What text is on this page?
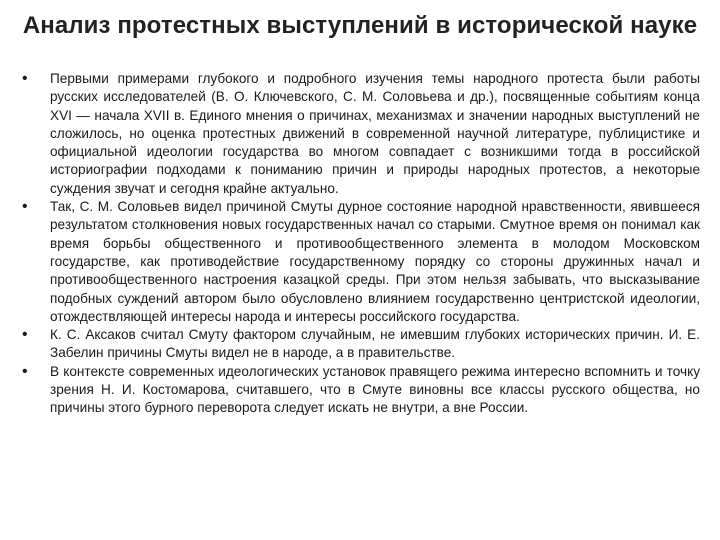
Анализ протестных выступлений в исторической науке
• Первыми примерами глубокого и подробного изучения темы народного протеста были работы русских исследователей (В. О. Ключевского, С. М. Соловьева и др.), посвященные событиям конца XVI — начала XVII в. Единого мнения о причинах, механизмах и значении народных выступлений не сложилось, но оценка протестных движений в современной научной литературе, публицистике и официальной идеологии государства во многом совпадает с возникшими тогда в российской историографии подходами к пониманию причин и природы народных протестов, а некоторые суждения звучат и сегодня крайне актуально.
• Так, С. М. Соловьев видел причиной Смуты дурное состояние народной нравственности, явившееся результатом столкновения новых государственных начал со старыми. Смутное время он понимал как время борьбы общественного и противообщественного элемента в молодом Московском государстве, как противодействие государственному порядку со стороны дружинных начал и противообщественного настроения казацкой среды. При этом нельзя забывать, что высказывание подобных суждений автором было обусловлено влиянием государственно центристской идеологии, отождествляющей интересы народа и интересы российского государства.
• К. С. Аксаков считал Смуту фактором случайным, не имевшим глубоких исторических причин. И. Е. Забелин причины Смуты видел не в народе, а в правительстве.
• В контексте современных идеологических установок правящего режима интересно вспомнить и точку зрения Н. И. Костомарова, считавшего, что в Смуте виновны все классы русского общества, но причины этого бурного переворота следует искать не внутри, а вне России.
